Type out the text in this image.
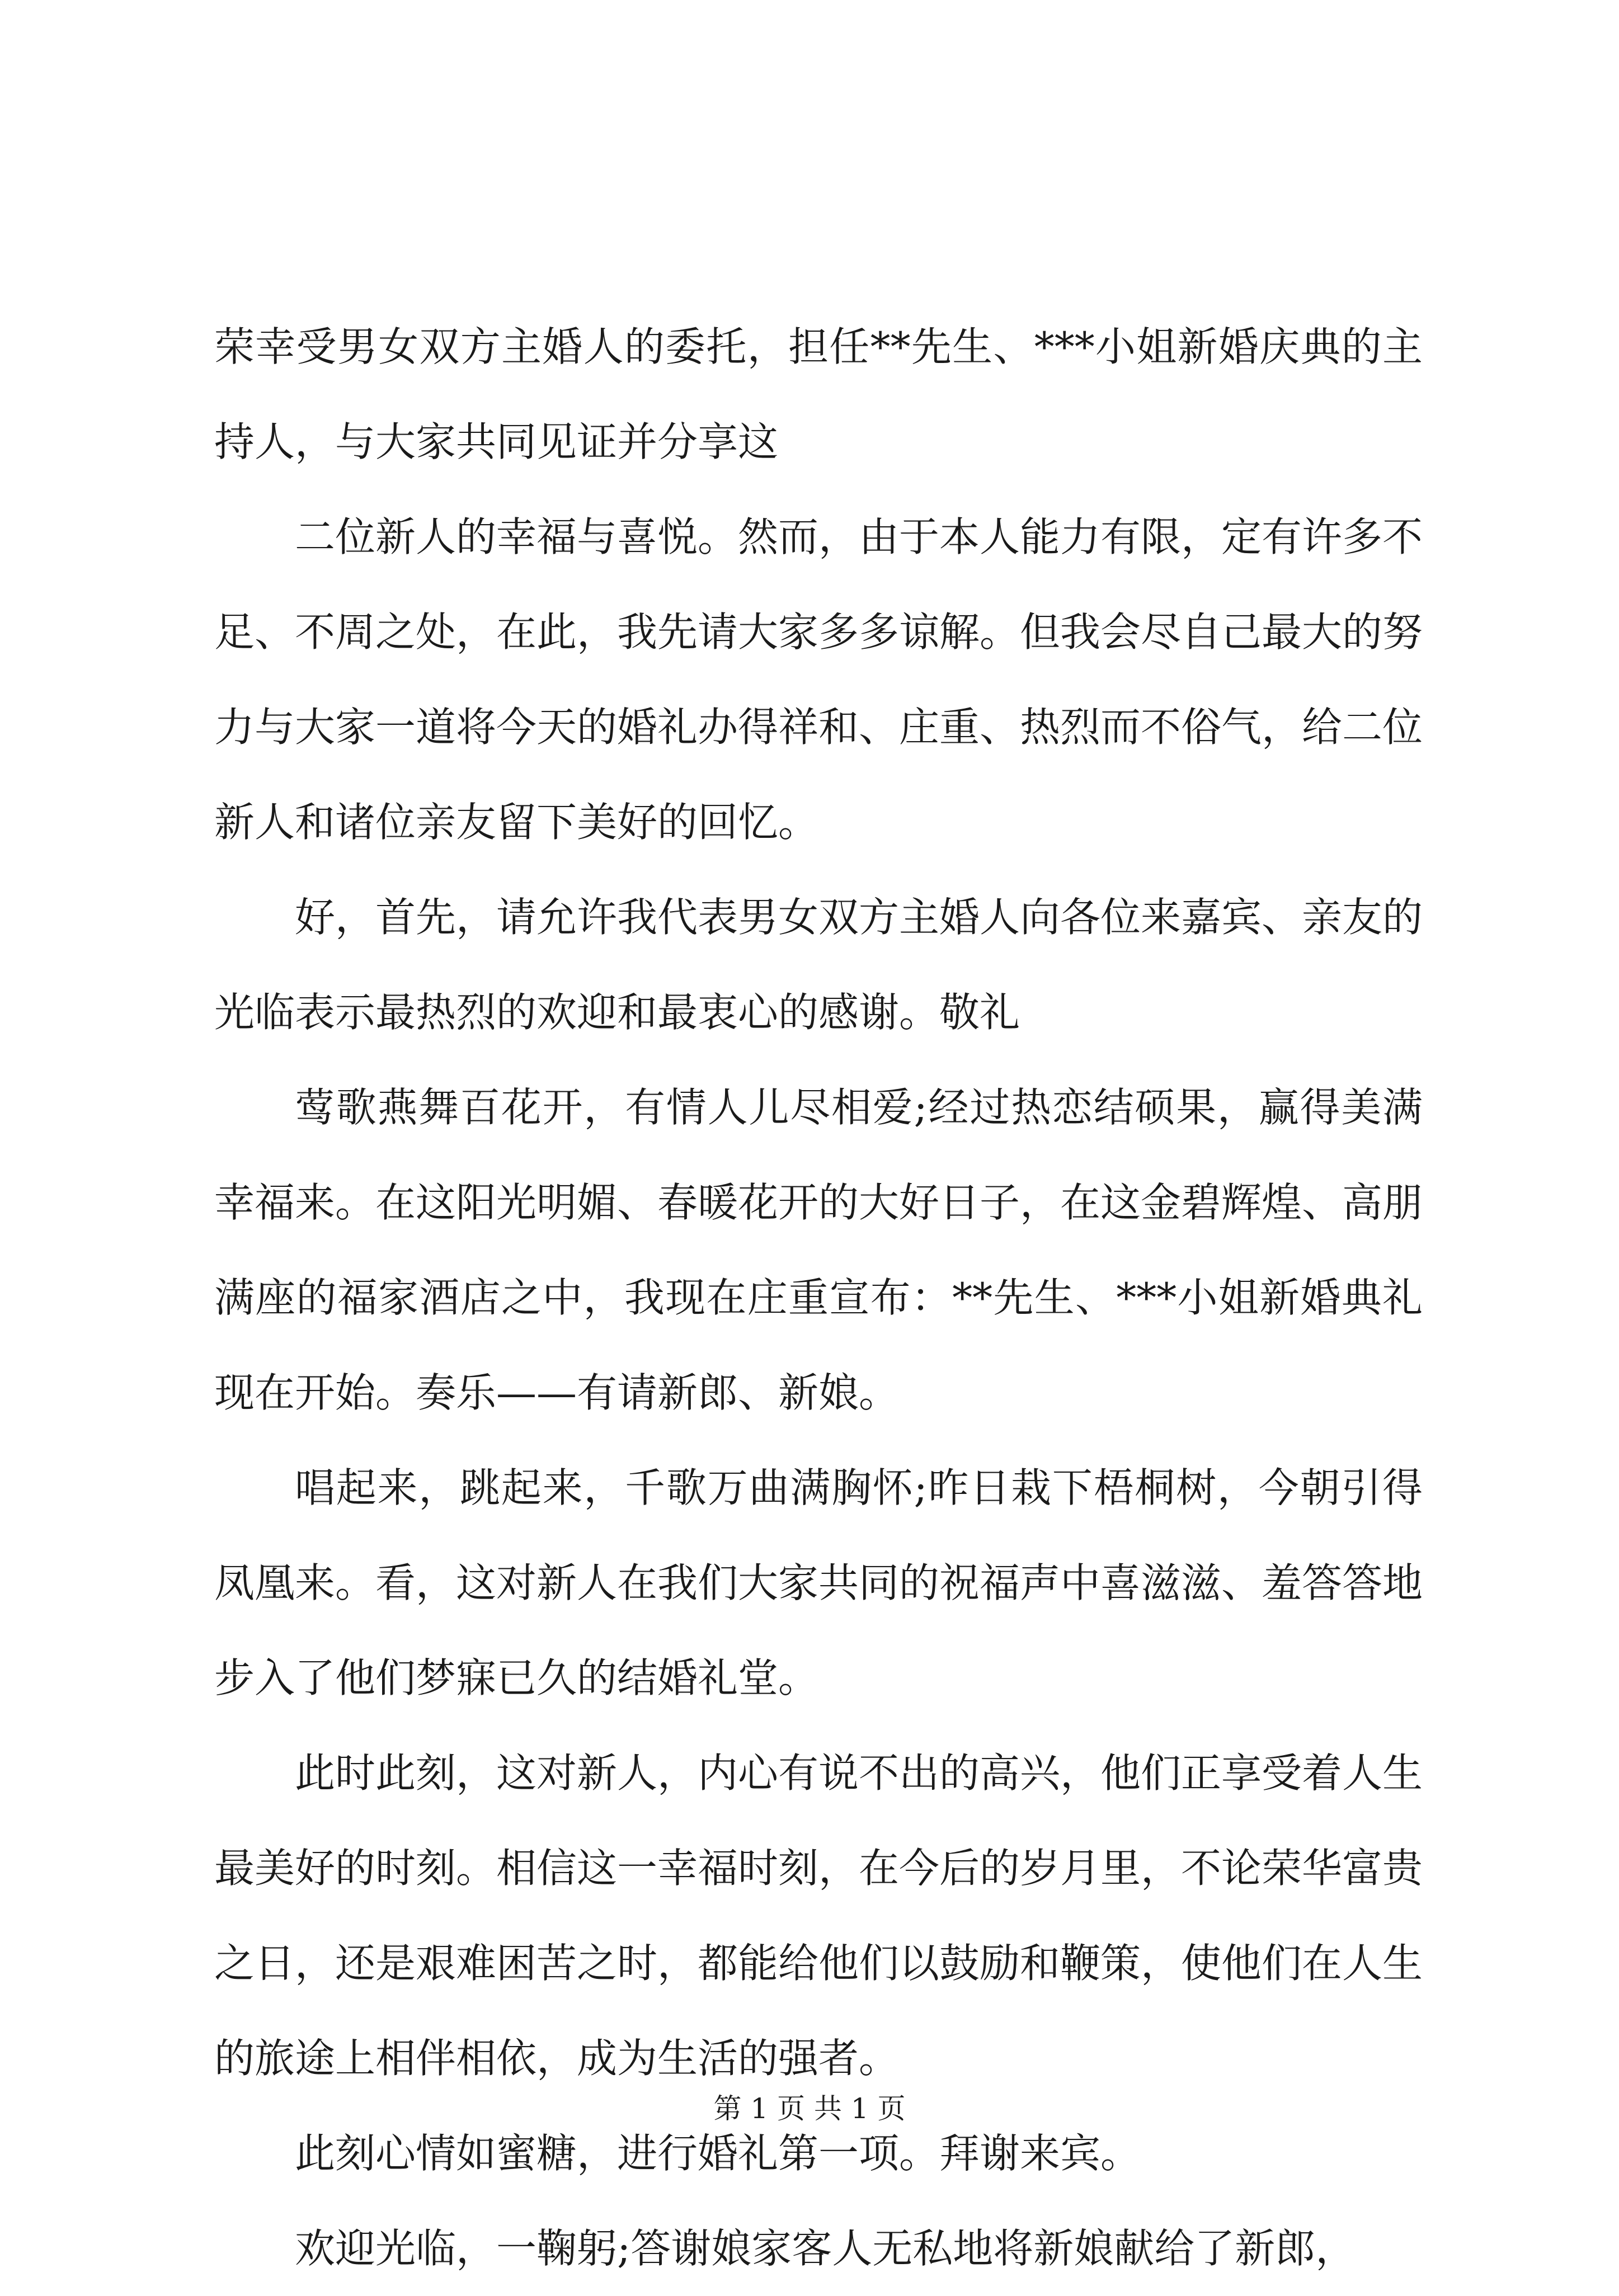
荣幸受男女双方主婚人的委托，担任**先生、***小姐新婚庆典的主持人，与大家共同见证并分享这

二位新人的幸福与喜悦。然而，由于本人能力有限，定有许多不足、不周之处，在此，我先请大家多多谅解。但我会尽自己最大的努力与大家一道将今天的婚礼办得祥和、庄重、热烈而不俗气，给二位新人和诸位亲友留下美好的回忆。

好，首先，请允许我代表男女双方主婚人向各位来嘉宾、亲友的光临表示最热烈的欢迎和最衷心的感谢。敬礼

莺歌燕舞百花开，有情人儿尽相爱;经过热恋结硕果，赢得美满幸福来。在这阳光明媚、春暖花开的大好日子，在这金碧辉煌、高朋满座的福家酒店之中，我现在庄重宣布：**先生、***小姐新婚典礼现在开始。奏乐——有请新郎、新娘。

唱起来，跳起来，千歌万曲满胸怀;昨日栽下梧桐树，今朝引得凤凰来。看，这对新人在我们大家共同的祝福声中喜滋滋、羞答答地步入了他们梦寐已久的结婚礼堂。

此时此刻，这对新人，内心有说不出的高兴，他们正享受着人生最美好的时刻。相信这一幸福时刻，在今后的岁月里，不论荣华富贵之日，还是艰难困苦之时，都能给他们以鼓励和鞭策，使他们在人生的旅途上相伴相依，成为生活的强者。

此刻心情如蜜糖，进行婚礼第一项。拜谢来宾。

欢迎光临，一鞠躬;答谢娘家客人无私地将新娘献给了新郎，

第 1 页 共 1 页
